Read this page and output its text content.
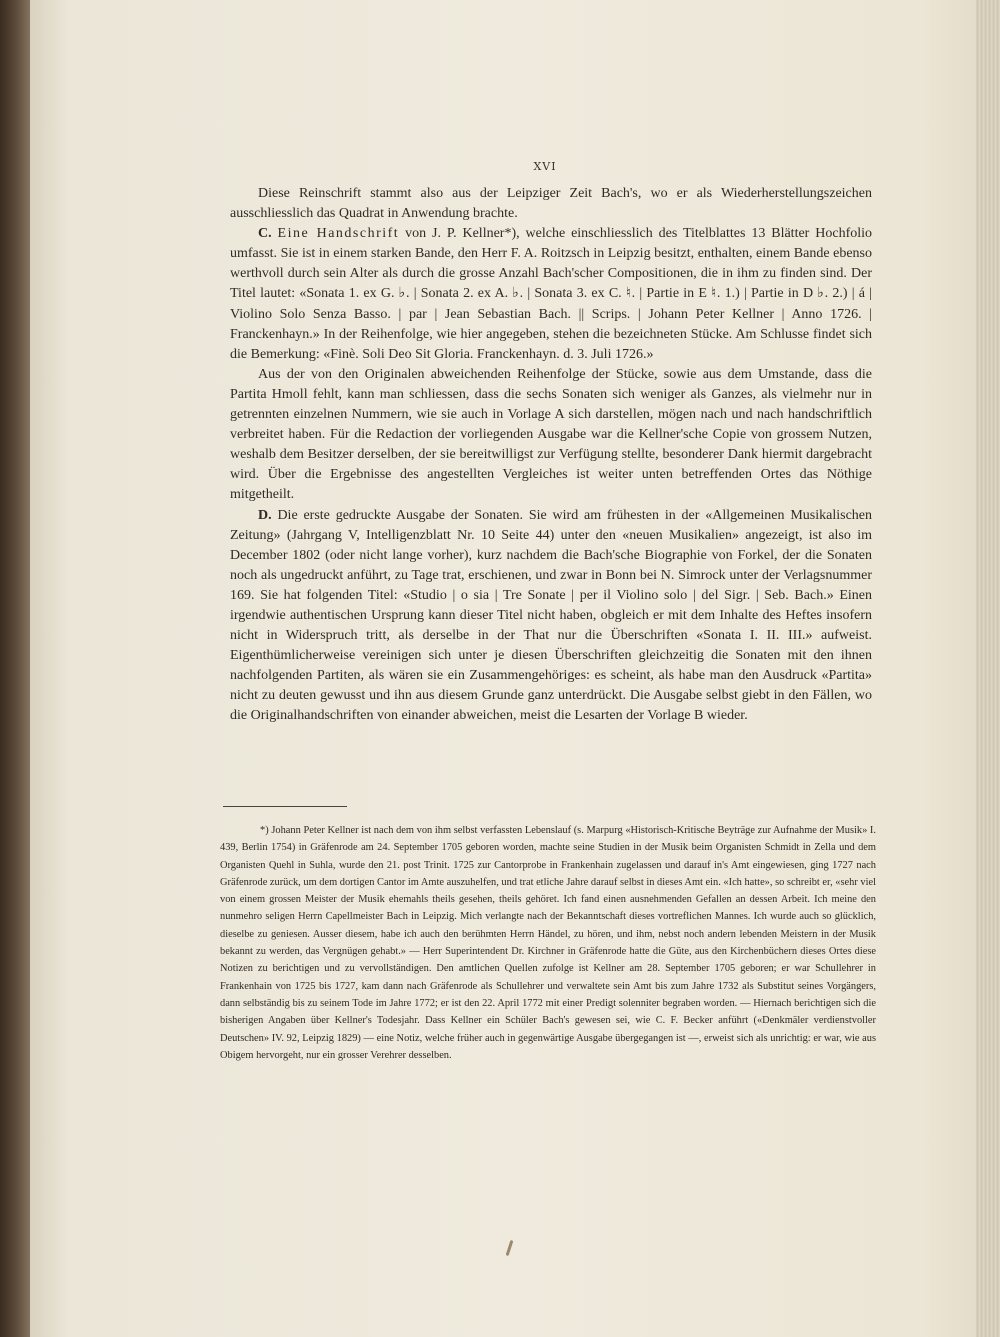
XVI

Diese Reinschrift stammt also aus der Leipziger Zeit Bach's, wo er als Wiederherstellungszeichen ausschliesslich das Quadrat in Anwendung brachte.

C. Eine Handschrift von J. P. Kellner*), welche einschliesslich des Titelblattes 13 Blätter Hochfolio umfasst. Sie ist in einem starken Bande, den Herr F. A. Roitzsch in Leipzig besitzt, enthalten, einem Bande ebenso werthvoll durch sein Alter als durch die grosse Anzahl Bach'scher Compositionen, die in ihm zu finden sind. Der Titel lautet: «Sonata 1. ex G. ♭. | Sonata 2. ex A. ♭. | Sonata 3. ex C. ♮. | Partie in E ♮. 1.) | Partie in D ♭. 2.) | á | Violino Solo Senza Basso. | par | Jean Sebastian Bach. || Scrips. | Johann Peter Kellner | Anno 1726. | Franckenhayn.» In der Reihenfolge, wie hier angegeben, stehen die bezeichneten Stücke. Am Schlusse findet sich die Bemerkung: «Finè. Soli Deo Sit Gloria. Franckenhayn. d. 3. Juli 1726.»

Aus der von den Originalen abweichenden Reihenfolge der Stücke, sowie aus dem Umstande, dass die Partita Hmoll fehlt, kann man schliessen, dass die sechs Sonaten sich weniger als Ganzes, als vielmehr nur in getrennten einzelnen Nummern, wie sie auch in Vorlage A sich darstellen, mögen nach und nach handschriftlich verbreitet haben. Für die Redaction der vorliegenden Ausgabe war die Kellner'sche Copie von grossem Nutzen, weshalb dem Besitzer derselben, der sie bereitwilligst zur Verfügung stellte, besonderer Dank hiermit dargebracht wird. Über die Ergebnisse des angestellten Vergleiches ist weiter unten betreffenden Ortes das Nöthige mitgetheilt.

D. Die erste gedruckte Ausgabe der Sonaten. Sie wird am frühesten in der «Allgemeinen Musikalischen Zeitung» (Jahrgang V, Intelligenzblatt Nr. 10 Seite 44) unter den «neuen Musikalien» angezeigt, ist also im December 1802 (oder nicht lange vorher), kurz nachdem die Bach'sche Biographie von Forkel, der die Sonaten noch als ungedruckt anführt, zu Tage trat, erschienen, und zwar in Bonn bei N. Simrock unter der Verlagsnummer 169. Sie hat folgenden Titel: «Studio | o sia | Tre Sonate | per il Violino solo | del Sigr. | Seb. Bach.» Einen irgendwie authentischen Ursprung kann dieser Titel nicht haben, obgleich er mit dem Inhalte des Heftes insofern nicht in Widerspruch tritt, als derselbe in der That nur die Überschriften «Sonata I. II. III.» aufweist. Eigenthümlicherweise vereinigen sich unter je diesen Überschriften gleichzeitig die Sonaten mit den ihnen nachfolgenden Partiten, als wären sie ein Zusammengehöriges: es scheint, als habe man den Ausdruck «Partita» nicht zu deuten gewusst und ihn aus diesem Grunde ganz unterdrückt. Die Ausgabe selbst giebt in den Fällen, wo die Originalhandschriften von einander abweichen, meist die Lesarten der Vorlage B wieder.

*) Johann Peter Kellner ist nach dem von ihm selbst verfassten Lebenslauf (s. Marpurg «Historisch-Kritische Beyträge zur Aufnahme der Musik» I. 439, Berlin 1754) in Gräfenrode am 24. September 1705 geboren worden, machte seine Studien in der Musik beim Organisten Schmidt in Zella und dem Organisten Quehl in Suhla, wurde den 21. post Trinit. 1725 zur Cantorprobe in Frankenhain zugelassen und darauf in's Amt eingewiesen, ging 1727 nach Gräfenrode zurück, um dem dortigen Cantor im Amte auszuhelfen, und trat etliche Jahre darauf selbst in dieses Amt ein. «Ich hatte», so schreibt er, «sehr viel von einem grossen Meister der Musik ehemahls theils gesehen, theils gehöret. Ich fand einen ausnehmenden Gefallen an dessen Arbeit. Ich meine den nunmehro seligen Herrn Capellmeister Bach in Leipzig. Mich verlangte nach der Bekanntschaft dieses vortreflichen Mannes. Ich wurde auch so glücklich, dieselbe zu geniesen. Ausser diesem, habe ich auch den berühmten Herrn Händel, zu hören, und ihm, nebst noch andern lebenden Meistern in der Musik bekannt zu werden, das Vergnügen gehabt.» — Herr Superintendent Dr. Kirchner in Gräfenrode hatte die Güte, aus den Kirchenbüchern dieses Ortes diese Notizen zu berichtigen und zu vervollständigen. Den amtlichen Quellen zufolge ist Kellner am 28. September 1705 geboren; er war Schullehrer in Frankenhain von 1725 bis 1727, kam dann nach Gräfenrode als Schullehrer und verwaltete sein Amt bis zum Jahre 1732 als Substitut seines Vorgängers, dann selbständig bis zu seinem Tode im Jahre 1772; er ist den 22. April 1772 mit einer Predigt solenniter begraben worden. — Hiernach berichtigen sich die bisherigen Angaben über Kellner's Todesjahr. Dass Kellner ein Schüler Bach's gewesen sei, wie C. F. Becker anführt («Denkmäler verdienstvoller Deutschen» IV. 92, Leipzig 1829) — eine Notiz, welche früher auch in gegenwärtige Ausgabe übergegangen ist —, erweist sich als unrichtig: er war, wie aus Obigem hervorgeht, nur ein grosser Verehrer desselben.
